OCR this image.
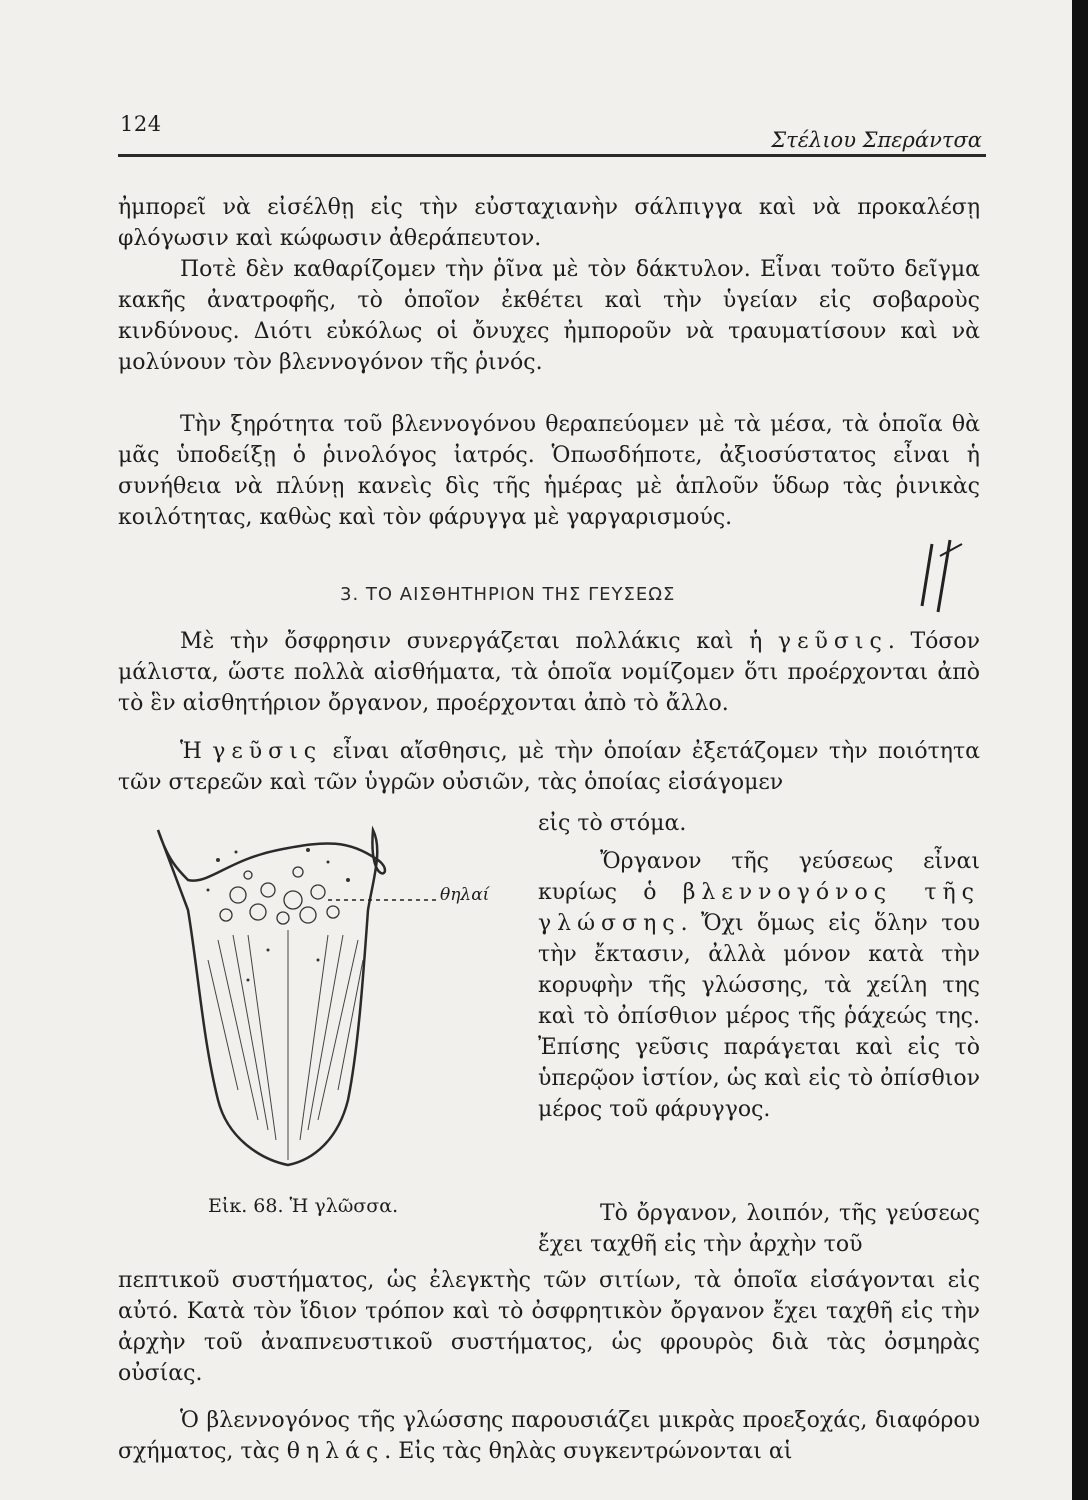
124
Στέλιου Σπεράντσα

ἠμπορεῖ νὰ εἰσέλθῃ εἰς τὴν εὐσταχιανὴν σάλπιγγα καὶ νὰ προκαλέσῃ φλόγωσιν καὶ κώφωσιν ἀθεράπευτον.

Ποτὲ δὲν καθαρίζομεν τὴν ῥῖνα μὲ τὸν δάκτυλον. Εἶναι τοῦτο δεῖγμα κακῆς ἀνατροφῆς, τὸ ὁποῖον ἐκθέτει καὶ τὴν ὑγείαν εἰς σοβαροὺς κινδύνους. Διότι εὐκόλως οἱ ὄνυχες ἠμποροῦν νὰ τραυματίσουν καὶ νὰ μολύνουν τὸν βλεννογόνον τῆς ῥινός.

Τὴν ξηρότητα τοῦ βλεννογόνου θεραπεύομεν μὲ τὰ μέσα, τὰ ὁποῖα θὰ μᾶς ὑποδείξῃ ὁ ῥινολόγος ἰατρός. Ὁπωσδήποτε, ἀξιοσύστατος εἶναι ἡ συνήθεια νὰ πλύνῃ κανεὶς δὶς τῆς ἡμέρας μὲ ἁπλοῦν ὕδωρ τὰς ῥινικὰς κοιλότητας, καθὼς καὶ τὸν φάρυγγα μὲ γαργαρισμούς.

3. ΤΟ ΑΙΣΘΗΤΗΡΙΟΝ ΤΗΣ ΓΕΥΣΕΩΣ

Μὲ τὴν ὄσφρησιν συνεργάζεται πολλάκις καὶ ἡ γεῦσις. Τόσον μάλιστα, ὥστε πολλὰ αἰσθήματα, τὰ ὁποῖα νομίζομεν ὅτι προέρχονται ἀπὸ τὸ ἓν αἰσθητήριον ὄργανον, προέρχονται ἀπὸ τὸ ἄλλο.

Ἡ γεῦσις εἶναι αἴσθησις, μὲ τὴν ὁποίαν ἐξετάζομεν τὴν ποιότητα τῶν στερεῶν καὶ τῶν ὑγρῶν οὐσιῶν, τὰς ὁποίας εἰσάγομεν

εἰς τὸ στόμα.

Ὄργανον τῆς γεύσεως εἶναι κυρίως ὁ βλεννογόνος τῆς γλώσσης. Ὄχι ὅμως εἰς ὅλην του τὴν ἔκτασιν, ἀλλὰ μόνον κατὰ τὴν κορυφὴν τῆς γλώσσης, τὰ χείλη της καὶ τὸ ὀπίσθιον μέρος τῆς ῥάχεώς της. Ἐπίσης γεῦσις παράγεται καὶ εἰς τὸ ὑπερῷον ἱστίον, ὡς καὶ εἰς τὸ ὀπίσθιον μέρος τοῦ φάρυγγος.

θηλαί
Εἰκ. 68. Ἡ γλῶσσα.	Τὸ ὄργανον, λοιπόν, τῆς γεύσεως ἔχει ταχθῆ εἰς τὴν ἀρχὴν τοῦ

πεπτικοῦ συστήματος, ὡς ἐλεγκτὴς τῶν σιτίων, τὰ ὁποῖα εἰσάγονται εἰς αὐτό. Κατὰ τὸν ἴδιον τρόπον καὶ τὸ ὀσφρητικὸν ὄργανον ἔχει ταχθῆ εἰς τὴν ἀρχὴν τοῦ ἀναπνευστικοῦ συστήματος, ὡς φρουρὸς διὰ τὰς ὀσμηρὰς οὐσίας.

Ὁ βλεννογόνος τῆς γλώσσης παρουσιάζει μικρὰς προεξοχάς, διαφόρου σχήματος, τὰς θηλάς. Εἰς τὰς θηλὰς συγκεντρώνονται αἱ
